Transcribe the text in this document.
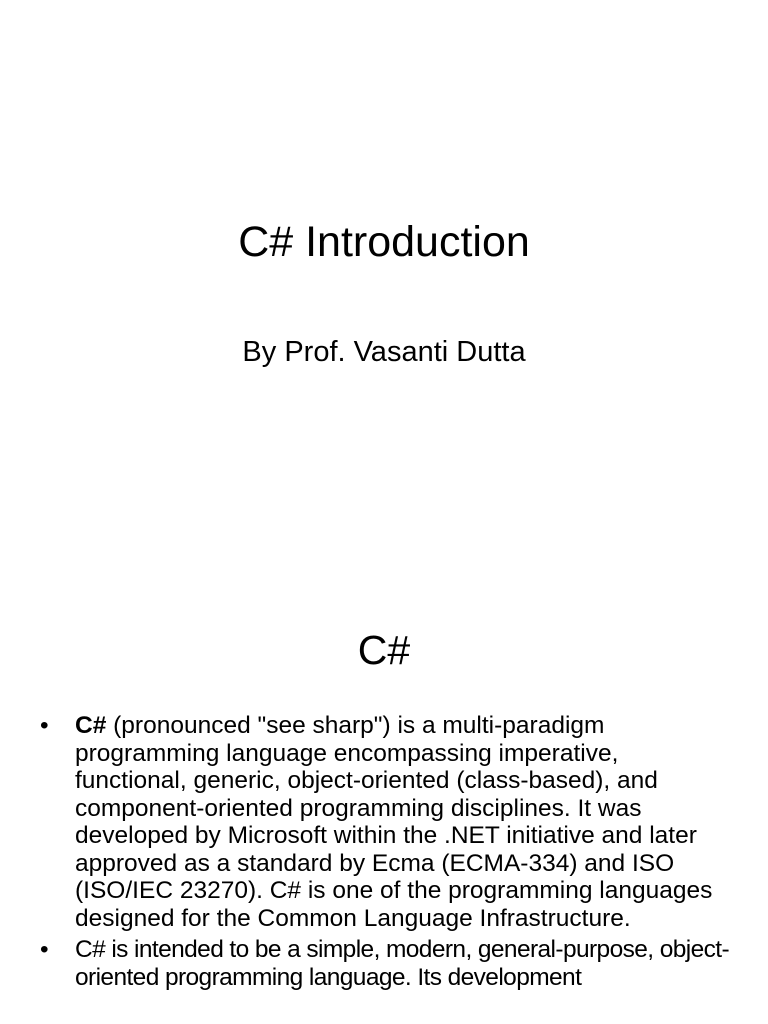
C# Introduction
By Prof. Vasanti Dutta
C#
•	C# (pronounced "see sharp") is a multi-paradigm programming language encompassing imperative, functional, generic, object-oriented (class-based), and component-oriented programming disciplines. It was developed by Microsoft within the .NET initiative and later approved as a standard by Ecma (ECMA-334) and ISO (ISO/IEC 23270). C# is one of the programming languages designed for the Common Language Infrastructure.
•	C# is intended to be a simple, modern, general-purpose, object-oriented programming language. Its development
